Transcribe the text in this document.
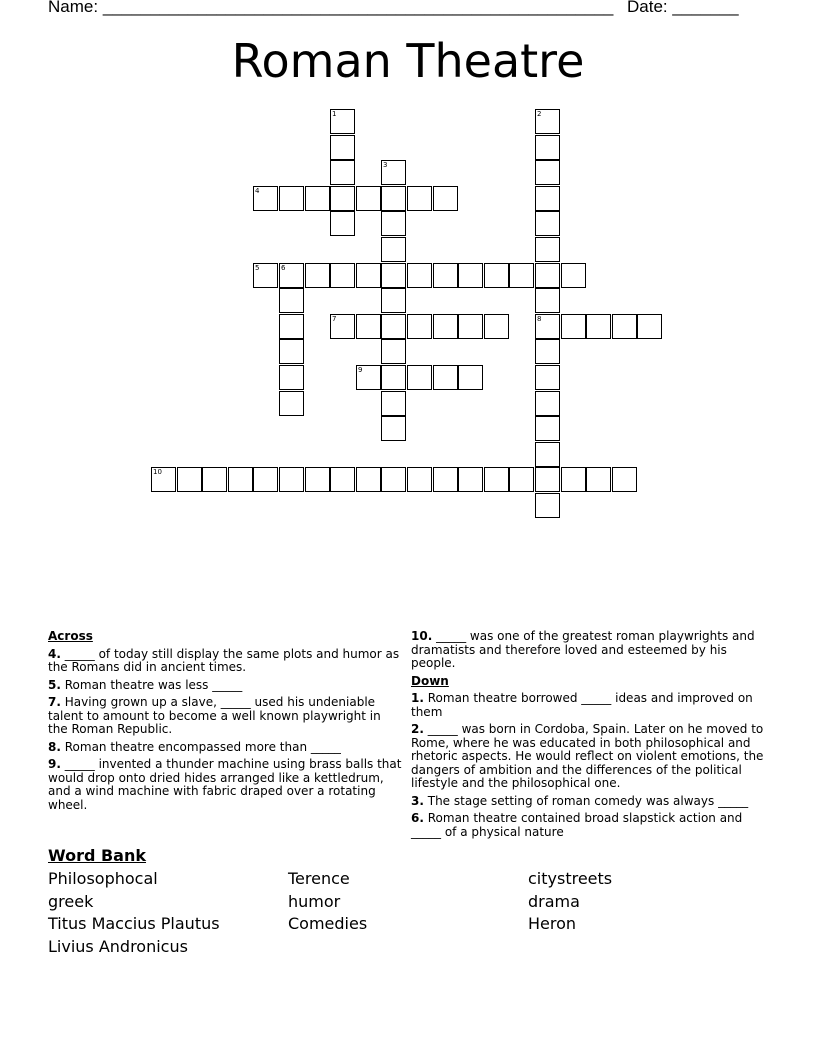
Name: ______________________________________________________ Date: _______
Roman Theatre
1	2
8
3
4
5	6
7
9
10

Across

4. _____ of today still display the same plots and humor as the Romans did in ancient times.

5. Roman theatre was less _____

7. Having grown up a slave, _____ used his undeniable talent to amount to become a well known playwright in the Roman Republic.

8. Roman theatre encompassed more than _____

9. _____ invented a thunder machine using brass balls that would drop onto dried hides arranged like a kettledrum, and a wind machine with fabric draped over a rotating wheel.

10. _____ was one of the greatest roman playwrights and dramatists and therefore loved and esteemed by his people.

Down

1. Roman theatre borrowed _____ ideas and improved on them

2. _____ was born in Cordoba, Spain. Later on he moved to Rome, where he was educated in both philosophical and rhetoric aspects. He would reflect on violent emotions, the dangers of ambition and the differences of the political lifestyle and the philosophical one.

3. The stage setting of roman comedy was always _____

6. Roman theatre contained broad slapstick action and _____ of a physical nature

Word Bank
Philosophocal
greek
Titus Maccius Plautus
Livius Andronicus
Terence
humor
Comedies
citystreets
drama
Heron
